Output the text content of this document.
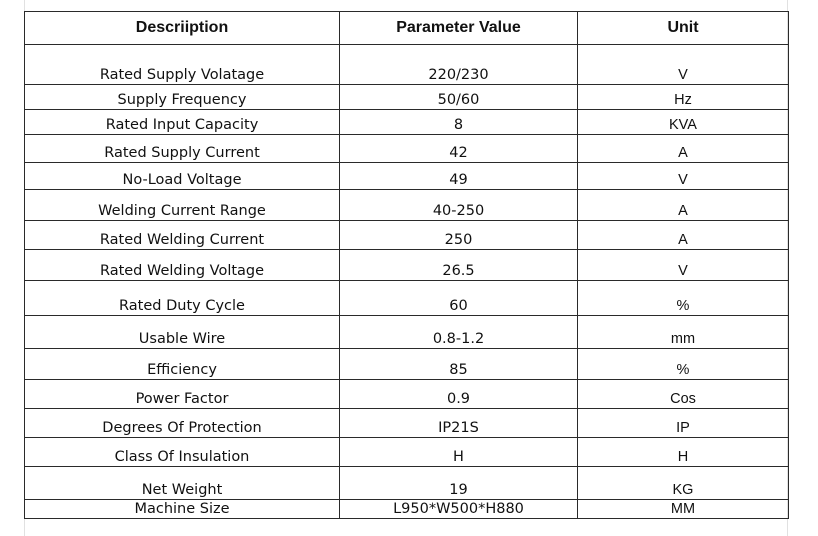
Descriiption	Parameter Value	Unit
Rated Supply Volatage	220/230	V
Supply Frequency	50/60	Hz
Rated Input Capacity	8	KVA
Rated Supply Current	42	A
No-Load Voltage	49	V
Welding Current Range	40-250	A
Rated Welding Current	250	A
Rated Welding Voltage	26.5	V
Rated Duty Cycle	60	%
Usable Wire	0.8-1.2	mm
Efficiency	85	%
Power Factor	0.9	Cos
Degrees Of Protection	IP21S	IP
Class Of Insulation	H	H
Net Weight	19	KG
Machine Size	L950*W500*H880	MM
